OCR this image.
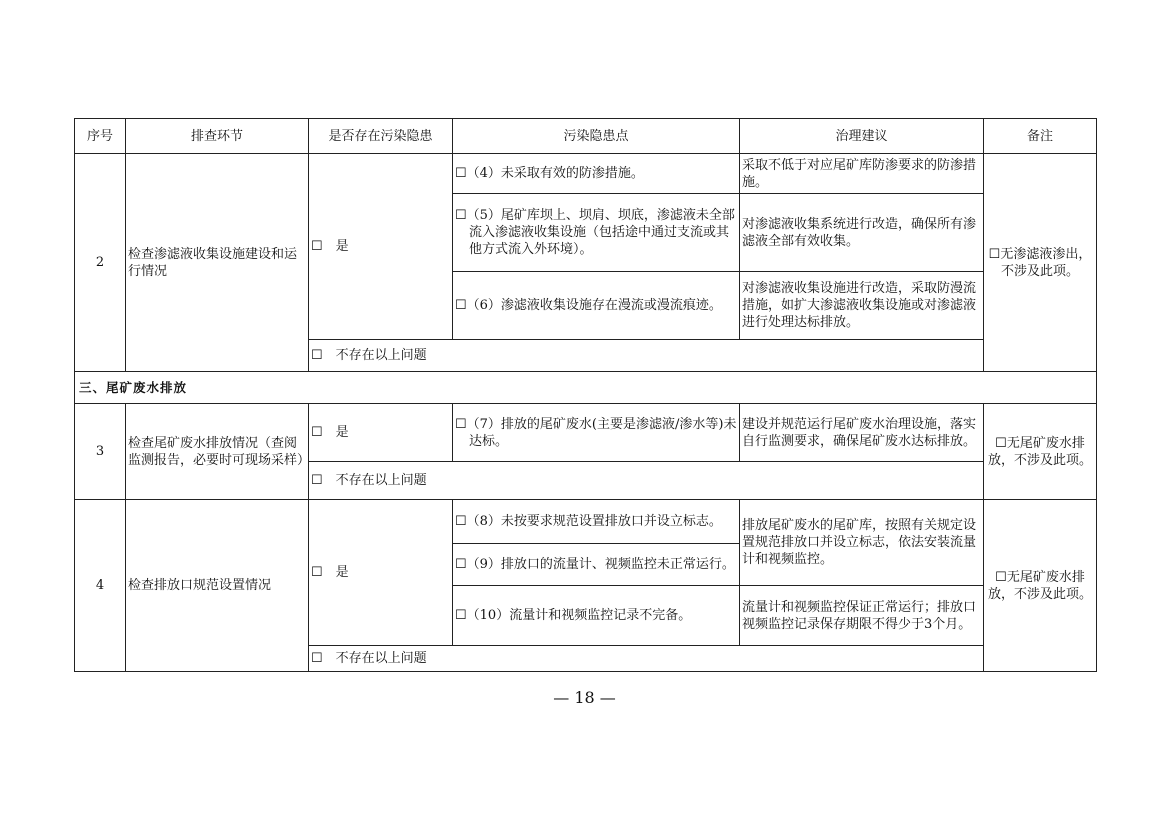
序号	排查环节	是否存在污染隐患	污染隐患点	治理建议	备注
2	检查渗滤液收集设施建设和运行情况	☐　是	☐（4）未采取有效的防渗措施。	采取不低于对应尾矿库防渗要求的防渗措施。	☐无渗滤液渗出，不涉及此项。
			☐（5）尾矿库坝上、坝肩、坝底，渗滤液未全部流入渗滤液收集设施（包括途中通过支流或其他方式流入外环境）。	对渗滤液收集系统进行改造，确保所有渗滤液全部有效收集。	
			☐（6）渗滤液收集设施存在漫流或漫流痕迹。	对渗滤液收集设施进行改造，采取防漫流措施，如扩大渗滤液收集设施或对渗滤液进行处理达标排放。	
		☐　不存在以上问题			
三、尾矿废水排放					
3	检查尾矿废水排放情况（查阅监测报告，必要时可现场采样）	☐　是	☐（7）排放的尾矿废水(主要是渗滤液/渗水等)未达标。	建设并规范运行尾矿废水治理设施，落实自行监测要求，确保尾矿废水达标排放。	☐无尾矿废水排放，不涉及此项。
		☐　不存在以上问题			
4	检查排放口规范设置情况	☐　是	☐（8）未按要求规范设置排放口并设立标志。	排放尾矿废水的尾矿库，按照有关规定设置规范排放口并设立标志，依法安装流量计和视频监控。	☐无尾矿废水排放，不涉及此项。
			☐（9）排放口的流量计、视频监控未正常运行。		
			☐（10）流量计和视频监控记录不完备。	流量计和视频监控保证正常运行；排放口视频监控记录保存期限不得少于3个月。	
		☐　不存在以上问题			
— 18 —
